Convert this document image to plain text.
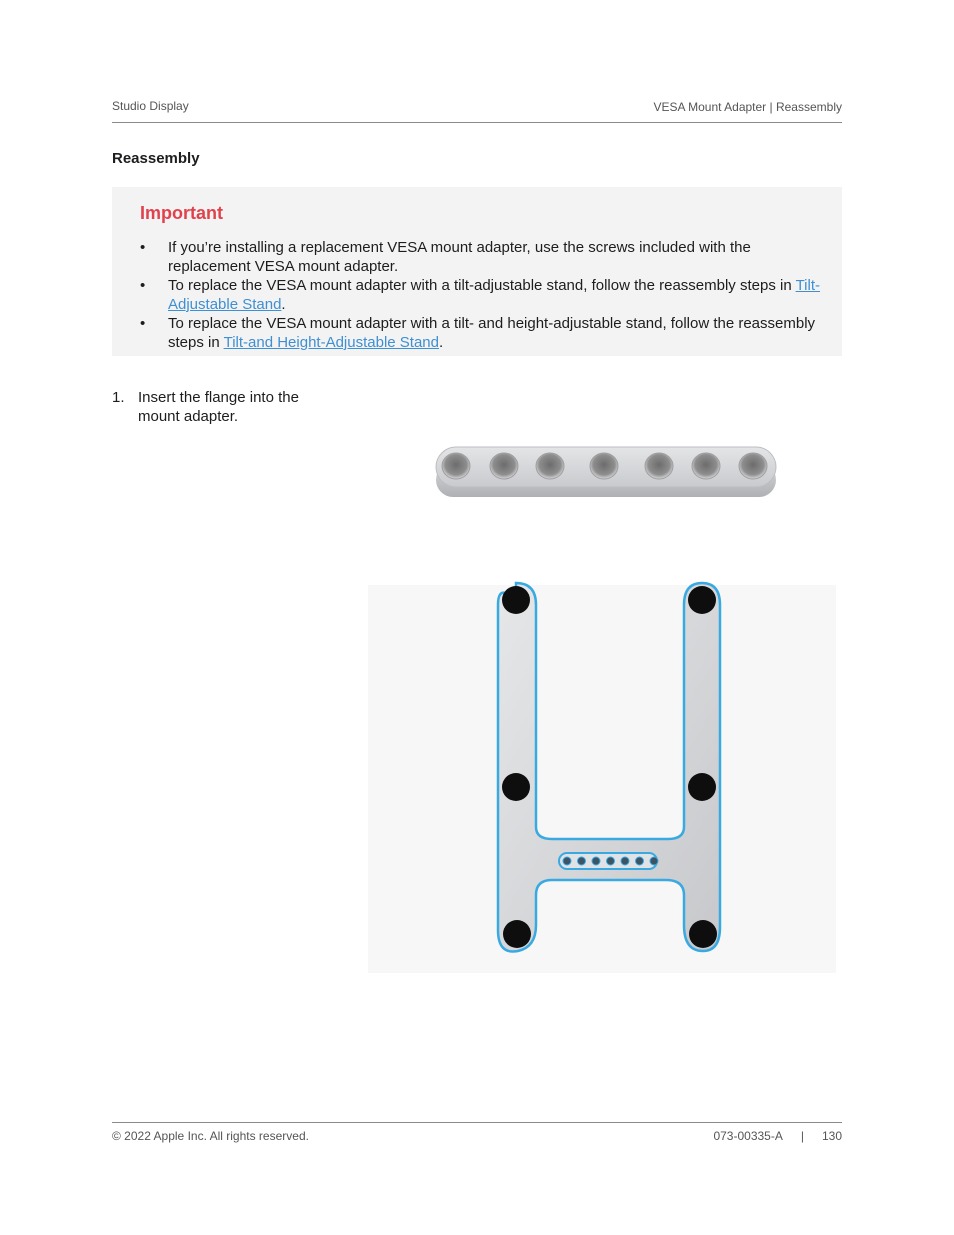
Studio Display	VESA Mount Adapter | Reassembly
Reassembly
Important
• If you’re installing a replacement VESA mount adapter, use the screws included with the replacement VESA mount adapter.
• To replace the VESA mount adapter with a tilt-adjustable stand, follow the reassembly steps in Tilt-Adjustable Stand.
• To replace the VESA mount adapter with a tilt- and height-adjustable stand, follow the reassembly steps in Tilt-and Height-Adjustable Stand.
1. Insert the flange into the mount adapter.
© 2022 Apple Inc. All rights reserved.	073-00335-A | 130
